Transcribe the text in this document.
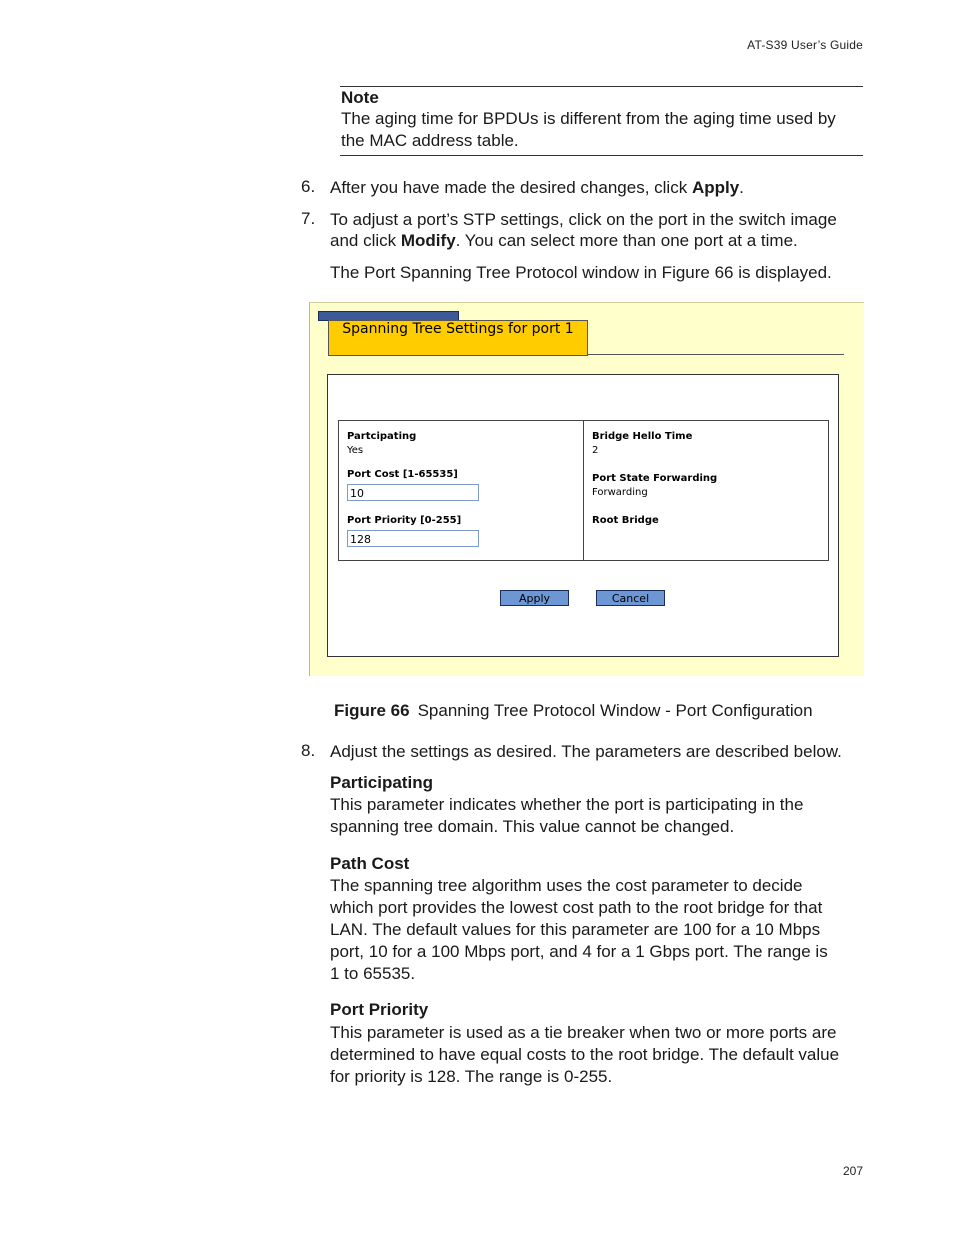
AT-S39 User’s Guide
Note
The aging time for BPDUs is different from the aging time used by the MAC address table.
6. After you have made the desired changes, click Apply.
7. To adjust a port’s STP settings, click on the port in the switch image and click Modify. You can select more than one port at a time.
The Port Spanning Tree Protocol window in Figure 66 is displayed.
Spanning Tree Settings for port 1
Partcipating
Yes
Port Cost [1-65535]
10
Port Priority [0-255]
128
Bridge Hello Time
2
Port State Forwarding
Forwarding
Root Bridge
Apply	Cancel
Figure 66 Spanning Tree Protocol Window - Port Configuration
8. Adjust the settings as desired. The parameters are described below.
Participating
This parameter indicates whether the port is participating in the spanning tree domain. This value cannot be changed.
Path Cost
The spanning tree algorithm uses the cost parameter to decide which port provides the lowest cost path to the root bridge for that LAN. The default values for this parameter are 100 for a 10 Mbps port, 10 for a 100 Mbps port, and 4 for a 1 Gbps port. The range is 1 to 65535.
Port Priority
This parameter is used as a tie breaker when two or more ports are determined to have equal costs to the root bridge. The default value for priority is 128. The range is 0-255.
207
